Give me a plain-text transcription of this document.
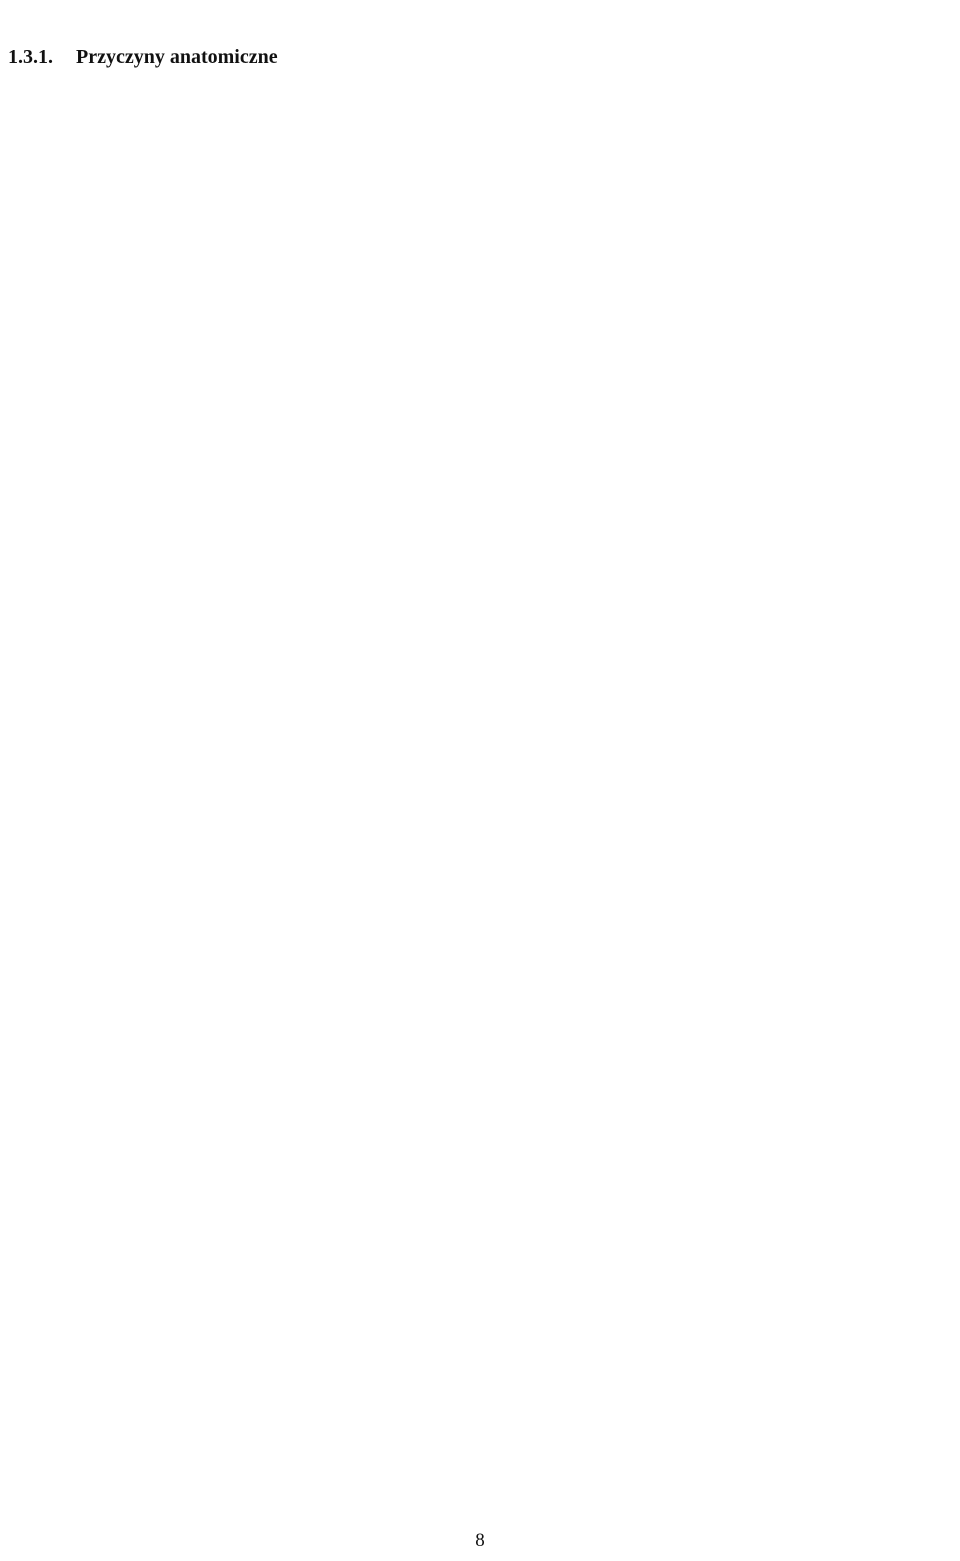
1.3.1. Przyczyny anatomiczne

8
